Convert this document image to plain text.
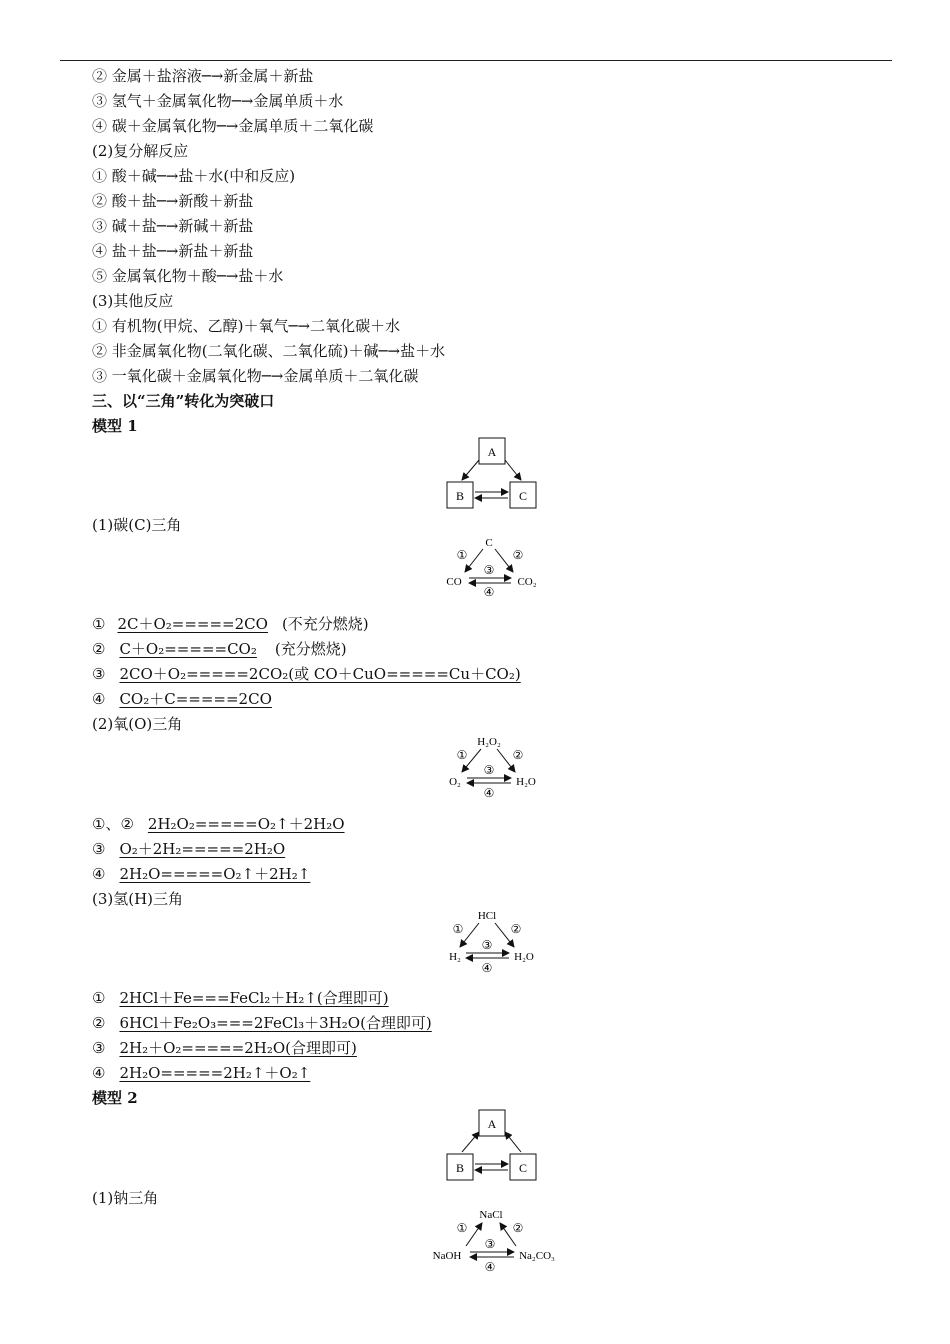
② 金属＋盐溶液─→新金属＋新盐
③ 氢气＋金属氧化物─→金属单质＋水
④ 碳＋金属氧化物─→金属单质＋二氧化碳
(2)复分解反应
① 酸＋碱─→盐＋水(中和反应)
② 酸＋盐─→新酸＋新盐
③ 碱＋盐─→新碱＋新盐
④ 盐＋盐─→新盐＋新盐
⑤ 金属氧化物＋酸─→盐＋水
(3)其他反应
① 有机物(甲烷、乙醇)＋氧气─→二氧化碳＋水
② 非金属氧化物(二氧化碳、二氧化硫)＋碱─→盐＋水
③ 一氧化碳＋金属氧化物─→金属单质＋二氧化碳
三、以“三角”转化为突破口
模型 1
A
B	C
(1)碳(C)三角
C
①	②
③
CO	CO₂
④
① 2C＋O₂=====2CO (不充分燃烧)
② C＋O₂=====CO₂ (充分燃烧)
③ 2CO＋O₂=====2CO₂(或 CO＋CuO=====Cu＋CO₂)
④ CO₂＋C=====2CO
(2)氧(O)三角
H₂O₂
①	②
③
O₂	H₂O
④
①、② 2H₂O₂=====O₂↑＋2H₂O
③ O₂＋2H₂=====2H₂O
④ 2H₂O=====O₂↑＋2H₂↑
(3)氢(H)三角
HCl
①	②
③
H₂	H₂O
④
① 2HCl＋Fe===FeCl₂＋H₂↑(合理即可)
② 6HCl＋Fe₂O₃===2FeCl₃＋3H₂O(合理即可)
③ 2H₂＋O₂=====2H₂O(合理即可)
④ 2H₂O=====2H₂↑＋O₂↑
模型 2
A
B	C
(1)钠三角
NaCl
①	②
③
NaOH	Na₂CO₃
④
